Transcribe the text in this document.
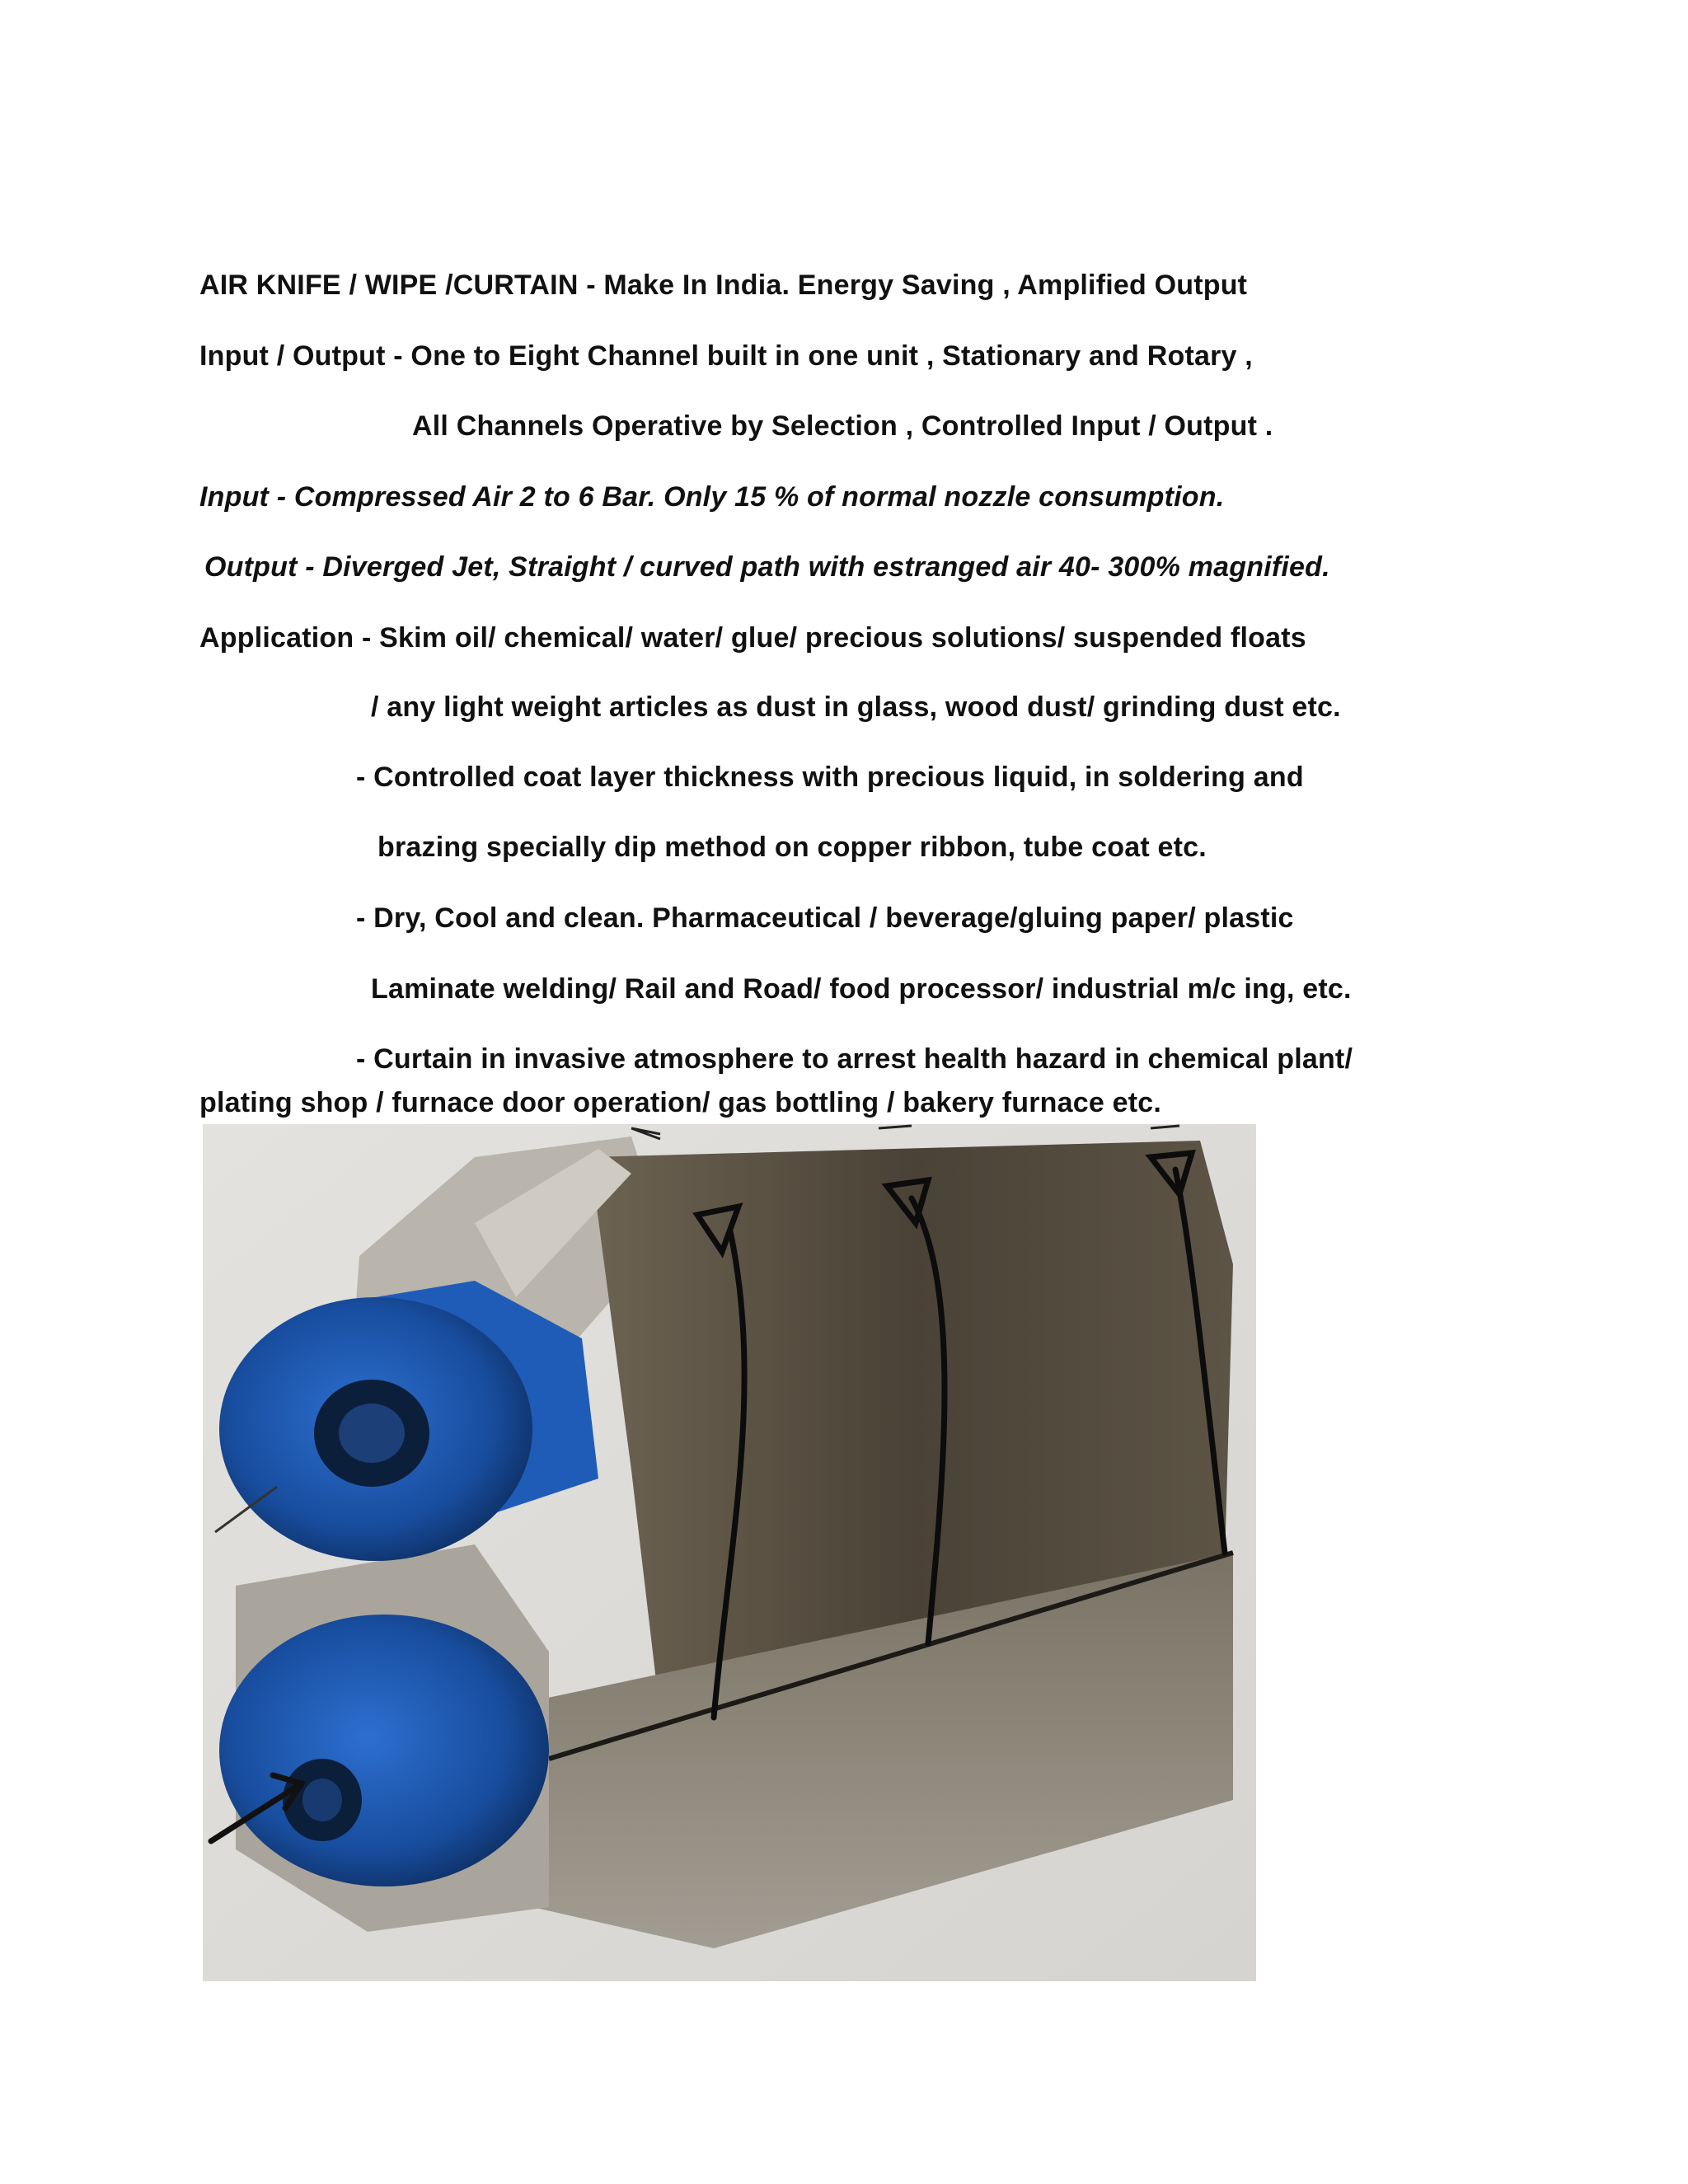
AIR KNIFE / WIPE /CURTAIN - Make In India. Energy Saving , Amplified Output
Input / Output - One to Eight Channel built in one unit , Stationary and Rotary ,
All Channels Operative by Selection , Controlled Input / Output .
Input - Compressed Air 2 to 6 Bar. Only 15 % of normal nozzle consumption.
Output - Diverged Jet, Straight / curved path with estranged air 40- 300% magnified.
Application - Skim oil/ chemical/ water/ glue/ precious solutions/ suspended floats
/ any light weight articles as dust in glass, wood dust/ grinding dust etc.
- Controlled coat layer thickness with precious liquid, in soldering and
brazing specially dip method on copper ribbon, tube coat etc.
- Dry, Cool and clean. Pharmaceutical / beverage/gluing paper/ plastic
Laminate welding/ Rail and Road/ food processor/ industrial m/c ing, etc.
- Curtain in invasive atmosphere to arrest health hazard in chemical plant/
plating shop / furnace door operation/ gas bottling / bakery furnace etc.
